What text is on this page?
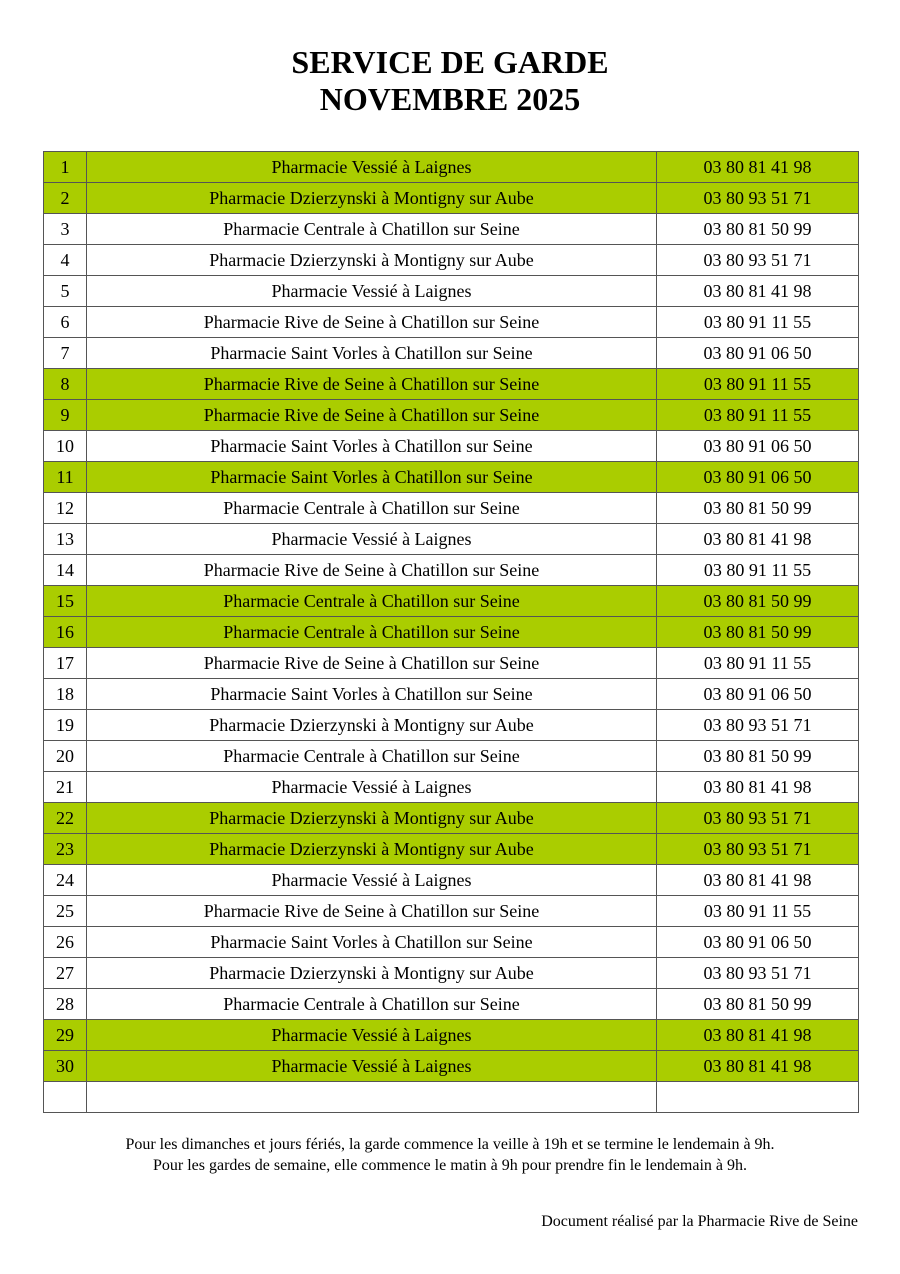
SERVICE DE GARDE
NOVEMBRE 2025
1	Pharmacie Vessié à Laignes	03 80 81 41 98
2	Pharmacie Dzierzynski à Montigny sur Aube	03 80 93 51 71
3	Pharmacie Centrale à Chatillon sur Seine	03 80 81 50 99
4	Pharmacie Dzierzynski à Montigny sur Aube	03 80 93 51 71
5	Pharmacie Vessié à Laignes	03 80 81 41 98
6	Pharmacie Rive de Seine à Chatillon sur Seine	03 80 91 11 55
7	Pharmacie Saint Vorles à Chatillon sur Seine	03 80 91 06 50
8	Pharmacie Rive de Seine à Chatillon sur Seine	03 80 91 11 55
9	Pharmacie Rive de Seine à Chatillon sur Seine	03 80 91 11 55
10	Pharmacie Saint Vorles à Chatillon sur Seine	03 80 91 06 50
11	Pharmacie Saint Vorles à Chatillon sur Seine	03 80 91 06 50
12	Pharmacie Centrale à Chatillon sur Seine	03 80 81 50 99
13	Pharmacie Vessié à Laignes	03 80 81 41 98
14	Pharmacie Rive de Seine à Chatillon sur Seine	03 80 91 11 55
15	Pharmacie Centrale à Chatillon sur Seine	03 80 81 50 99
16	Pharmacie Centrale à Chatillon sur Seine	03 80 81 50 99
17	Pharmacie Rive de Seine à Chatillon sur Seine	03 80 91 11 55
18	Pharmacie Saint Vorles à Chatillon sur Seine	03 80 91 06 50
19	Pharmacie Dzierzynski à Montigny sur Aube	03 80 93 51 71
20	Pharmacie Centrale à Chatillon sur Seine	03 80 81 50 99
21	Pharmacie Vessié à Laignes	03 80 81 41 98
22	Pharmacie Dzierzynski à Montigny sur Aube	03 80 93 51 71
23	Pharmacie Dzierzynski à Montigny sur Aube	03 80 93 51 71
24	Pharmacie Vessié à Laignes	03 80 81 41 98
25	Pharmacie Rive de Seine à Chatillon sur Seine	03 80 91 11 55
26	Pharmacie Saint Vorles à Chatillon sur Seine	03 80 91 06 50
27	Pharmacie Dzierzynski à Montigny sur Aube	03 80 93 51 71
28	Pharmacie Centrale à Chatillon sur Seine	03 80 81 50 99
29	Pharmacie Vessié à Laignes	03 80 81 41 98
30	Pharmacie Vessié à Laignes	03 80 81 41 98

Pour les dimanches et jours fériés, la garde commence la veille à 19h et se termine le lendemain à 9h.
Pour les gardes de semaine, elle commence le matin à 9h pour prendre fin le lendemain à 9h.
Document réalisé par la Pharmacie Rive de Seine
